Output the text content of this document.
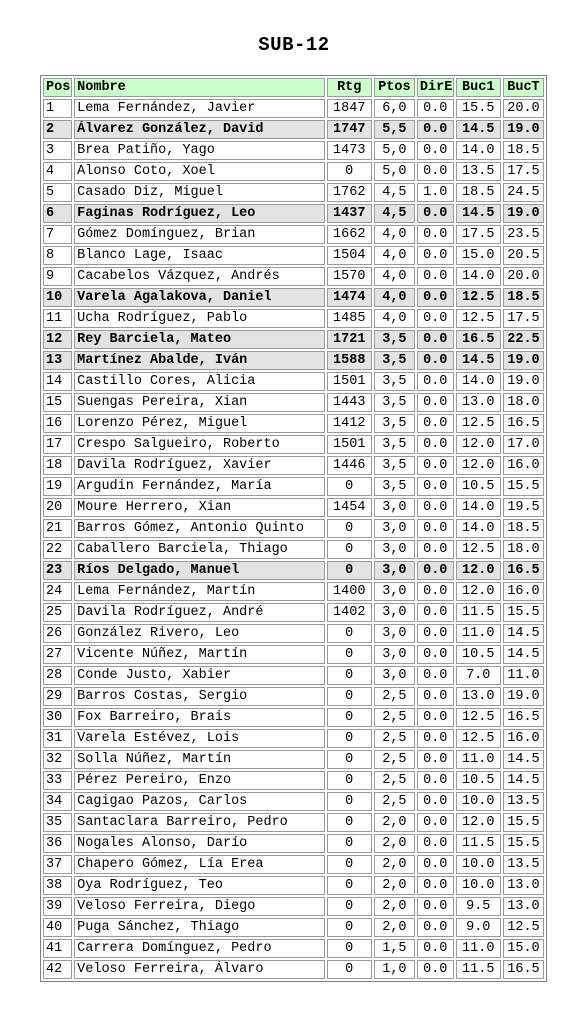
SUB-12
Pos	Nombre	Rtg	Ptos	DirE	Buc1	BucT
1	Lema Fernández, Javier	1847	6,0	0.0	15.5	20.0
2	Álvarez González, David	1747	5,5	0.0	14.5	19.0
3	Brea Patiño, Yago	1473	5,0	0.0	14.0	18.5
4	Alonso Coto, Xoel	0	5,0	0.0	13.5	17.5
5	Casado Diz, Miguel	1762	4,5	1.0	18.5	24.5
6	Faginas Rodríguez, Leo	1437	4,5	0.0	14.5	19.0
7	Gómez Domínguez, Brian	1662	4,0	0.0	17.5	23.5
8	Blanco Lage, Isaac	1504	4,0	0.0	15.0	20.5
9	Cacabelos Vázquez, Andrés	1570	4,0	0.0	14.0	20.0
10	Varela Agalakova, Daniel	1474	4,0	0.0	12.5	18.5
11	Ucha Rodríguez, Pablo	1485	4,0	0.0	12.5	17.5
12	Rey Barciela, Mateo	1721	3,5	0.0	16.5	22.5
13	Martínez Abalde, Iván	1588	3,5	0.0	14.5	19.0
14	Castillo Cores, Alicia	1501	3,5	0.0	14.0	19.0
15	Suengas Pereira, Xian	1443	3,5	0.0	13.0	18.0
16	Lorenzo Pérez, Miguel	1412	3,5	0.0	12.5	16.5
17	Crespo Salgueiro, Roberto	1501	3,5	0.0	12.0	17.0
18	Davila Rodríguez, Xavier	1446	3,5	0.0	12.0	16.0
19	Argudin Fernández, María	0	3,5	0.0	10.5	15.5
20	Moure Herrero, Xian	1454	3,0	0.0	14.0	19.5
21	Barros Gómez, Antonio Quinto	0	3,0	0.0	14.0	18.5
22	Caballero Barciela, Thiago	0	3,0	0.0	12.5	18.0
23	Ríos Delgado, Manuel	0	3,0	0.0	12.0	16.5
24	Lema Fernández, Martín	1400	3,0	0.0	12.0	16.0
25	Davila Rodríguez, André	1402	3,0	0.0	11.5	15.5
26	González Rivero, Leo	0	3,0	0.0	11.0	14.5
27	Vicente Núñez, Martín	0	3,0	0.0	10.5	14.5
28	Conde Justo, Xabier	0	3,0	0.0	7.0	11.0
29	Barros Costas, Sergio	0	2,5	0.0	13.0	19.0
30	Fox Barreiro, Brais	0	2,5	0.0	12.5	16.5
31	Varela Estévez, Lois	0	2,5	0.0	12.5	16.0
32	Solla Núñez, Martín	0	2,5	0.0	11.0	14.5
33	Pérez Pereiro, Enzo	0	2,5	0.0	10.5	14.5
34	Cagigao Pazos, Carlos	0	2,5	0.0	10.0	13.5
35	Santaclara Barreiro, Pedro	0	2,0	0.0	12.0	15.5
36	Nogales Alonso, Darío	0	2,0	0.0	11.5	15.5
37	Chapero Gómez, Lía Erea	0	2,0	0.0	10.0	13.5
38	Oya Rodríguez, Teo	0	2,0	0.0	10.0	13.0
39	Veloso Ferreira, Diego	0	2,0	0.0	9.5	13.0
40	Puga Sánchez, Thiago	0	2,0	0.0	9.0	12.5
41	Carrera Domínguez, Pedro	0	1,5	0.0	11.0	15.0
42	Veloso Ferreira, Álvaro	0	1,0	0.0	11.5	16.5
